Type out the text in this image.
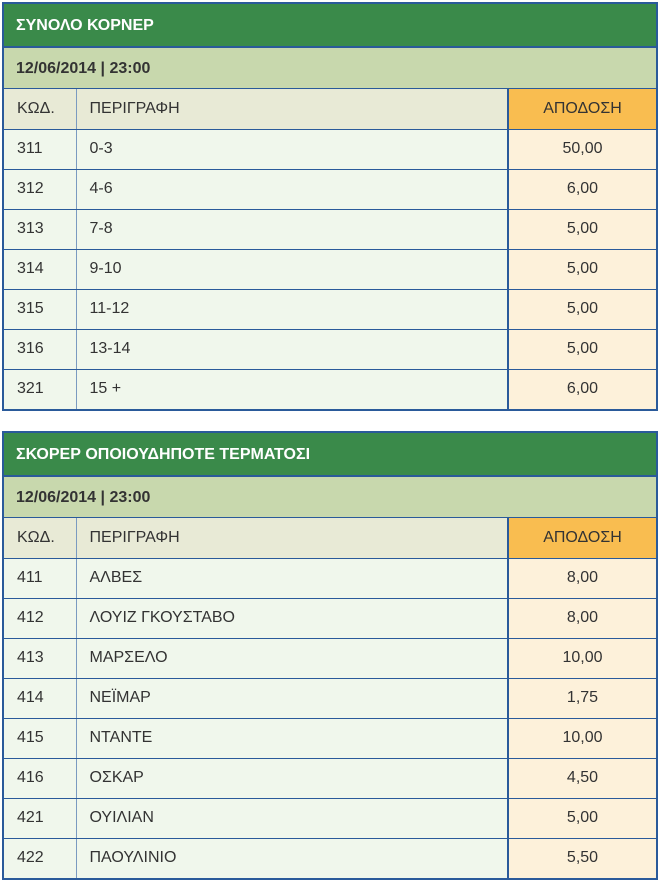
ΣΥΝΟΛΟ ΚΟΡΝΕΡ
12/06/2014 | 23:00
ΚΩΔ.	ΠΕΡΙΓΡΑΦΗ	ΑΠΟΔΟΣΗ
311	0-3	50,00
312	4-6	6,00
313	7-8	5,00
314	9-10	5,00
315	11-12	5,00
316	13-14	5,00
321	15 +	6,00
ΣΚΟΡΕΡ ΟΠΟΙΟΥΔΗΠΟΤΕ ΤΕΡΜΑΤΟΣΙ
12/06/2014 | 23:00
ΚΩΔ.	ΠΕΡΙΓΡΑΦΗ	ΑΠΟΔΟΣΗ
411	ΑΛΒΕΣ	8,00
412	ΛΟΥΙΖ ΓΚΟΥΣΤΑΒΟ	8,00
413	ΜΑΡΣΕΛΟ	10,00
414	ΝΕΪΜΑΡ	1,75
415	ΝΤΑΝΤΕ	10,00
416	ΟΣΚΑΡ	4,50
421	ΟΥΙΛΙΑΝ	5,00
422	ΠΑΟΥΛΙΝΙΟ	5,50
